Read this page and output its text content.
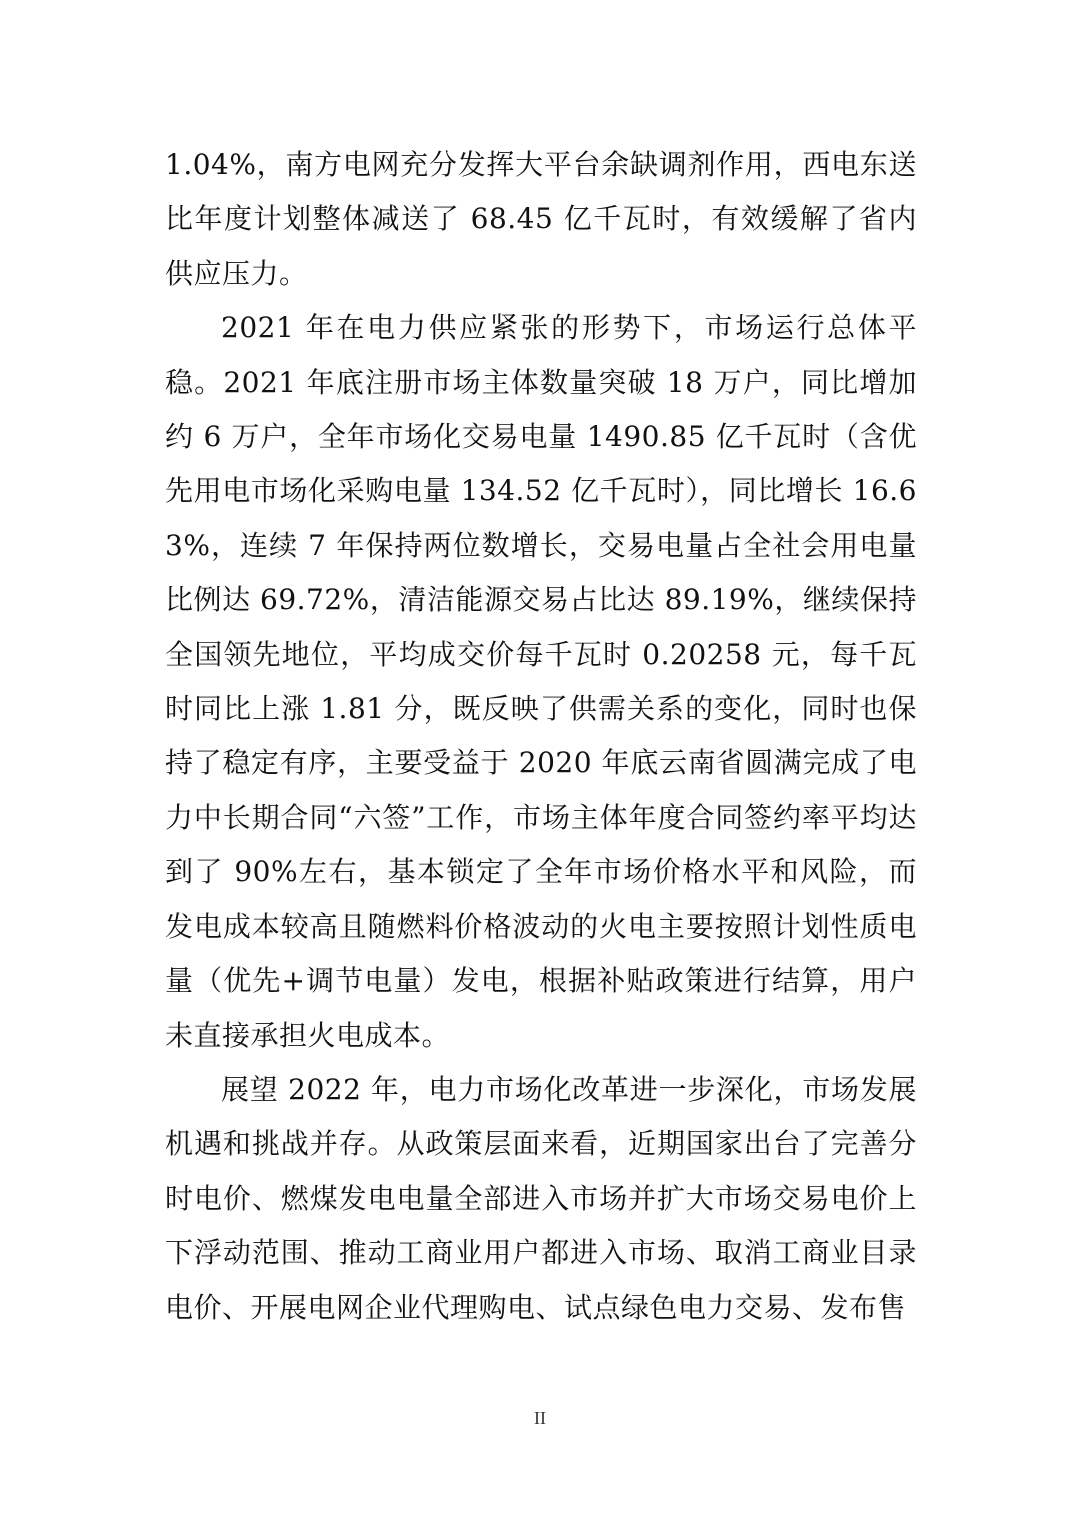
1.04%，南方电网充分发挥大平台余缺调剂作用，西电东送比年度计划整体减送了 68.45 亿千瓦时，有效缓解了省内供应压力。

2021 年在电力供应紧张的形势下，市场运行总体平稳。2021 年底注册市场主体数量突破 18 万户，同比增加约 6 万户，全年市场化交易电量 1490.85 亿千瓦时（含优先用电市场化采购电量 134.52 亿千瓦时），同比增长 16.63%，连续 7 年保持两位数增长，交易电量占全社会用电量比例达 69.72%，清洁能源交易占比达 89.19%，继续保持全国领先地位，平均成交价每千瓦时 0.20258 元，每千瓦时同比上涨 1.81 分，既反映了供需关系的变化，同时也保持了稳定有序，主要受益于 2020 年底云南省圆满完成了电力中长期合同“六签”工作，市场主体年度合同签约率平均达到了 90%左右，基本锁定了全年市场价格水平和风险，而发电成本较高且随燃料价格波动的火电主要按照计划性质电量（优先+调节电量）发电，根据补贴政策进行结算，用户未直接承担火电成本。

展望 2022 年，电力市场化改革进一步深化，市场发展机遇和挑战并存。从政策层面来看，近期国家出台了完善分时电价、燃煤发电电量全部进入市场并扩大市场交易电价上下浮动范围、推动工商业用户都进入市场、取消工商业目录电价、开展电网企业代理购电、试点绿色电力交易、发布售

II
